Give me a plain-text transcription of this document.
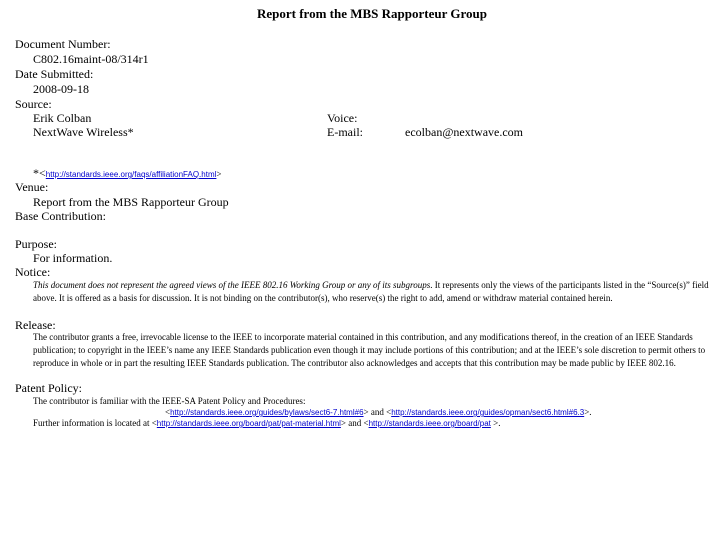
Report from the MBS Rapporteur Group
Document Number:
C802.16maint-08/314r1
Date Submitted:
2008-09-18
Source:
Erik Colban
NextWave Wireless*
Voice:
E-mail:	ecolban@nextwave.com
*<http://standards.ieee.org/faqs/affiliationFAQ.html>
Venue:
Report from the MBS Rapporteur Group
Base Contribution:
Purpose:
For information.
Notice:
This document does not represent the agreed views of the IEEE 802.16 Working Group or any of its subgroups. It represents only the views of the participants listed in the “Source(s)” field above. It is offered as a basis for discussion. It is not binding on the contributor(s), who reserve(s) the right to add, amend or withdraw material contained herein.
Release:
The contributor grants a free, irrevocable license to the IEEE to incorporate material contained in this contribution, and any modifications thereof, in the creation of an IEEE Standards publication; to copyright in the IEEE’s name any IEEE Standards publication even though it may include portions of this contribution; and at the IEEE’s sole discretion to permit others to reproduce in whole or in part the resulting IEEE Standards publication. The contributor also acknowledges and accepts that this contribution may be made public by IEEE 802.16.
Patent Policy:
The contributor is familiar with the IEEE-SA Patent Policy and Procedures:
<http://standards.ieee.org/guides/bylaws/sect6-7.html#6> and <http://standards.ieee.org/guides/opman/sect6.html#6.3>.
Further information is located at <http://standards.ieee.org/board/pat/pat-material.html> and <http://standards.ieee.org/board/pat >.
